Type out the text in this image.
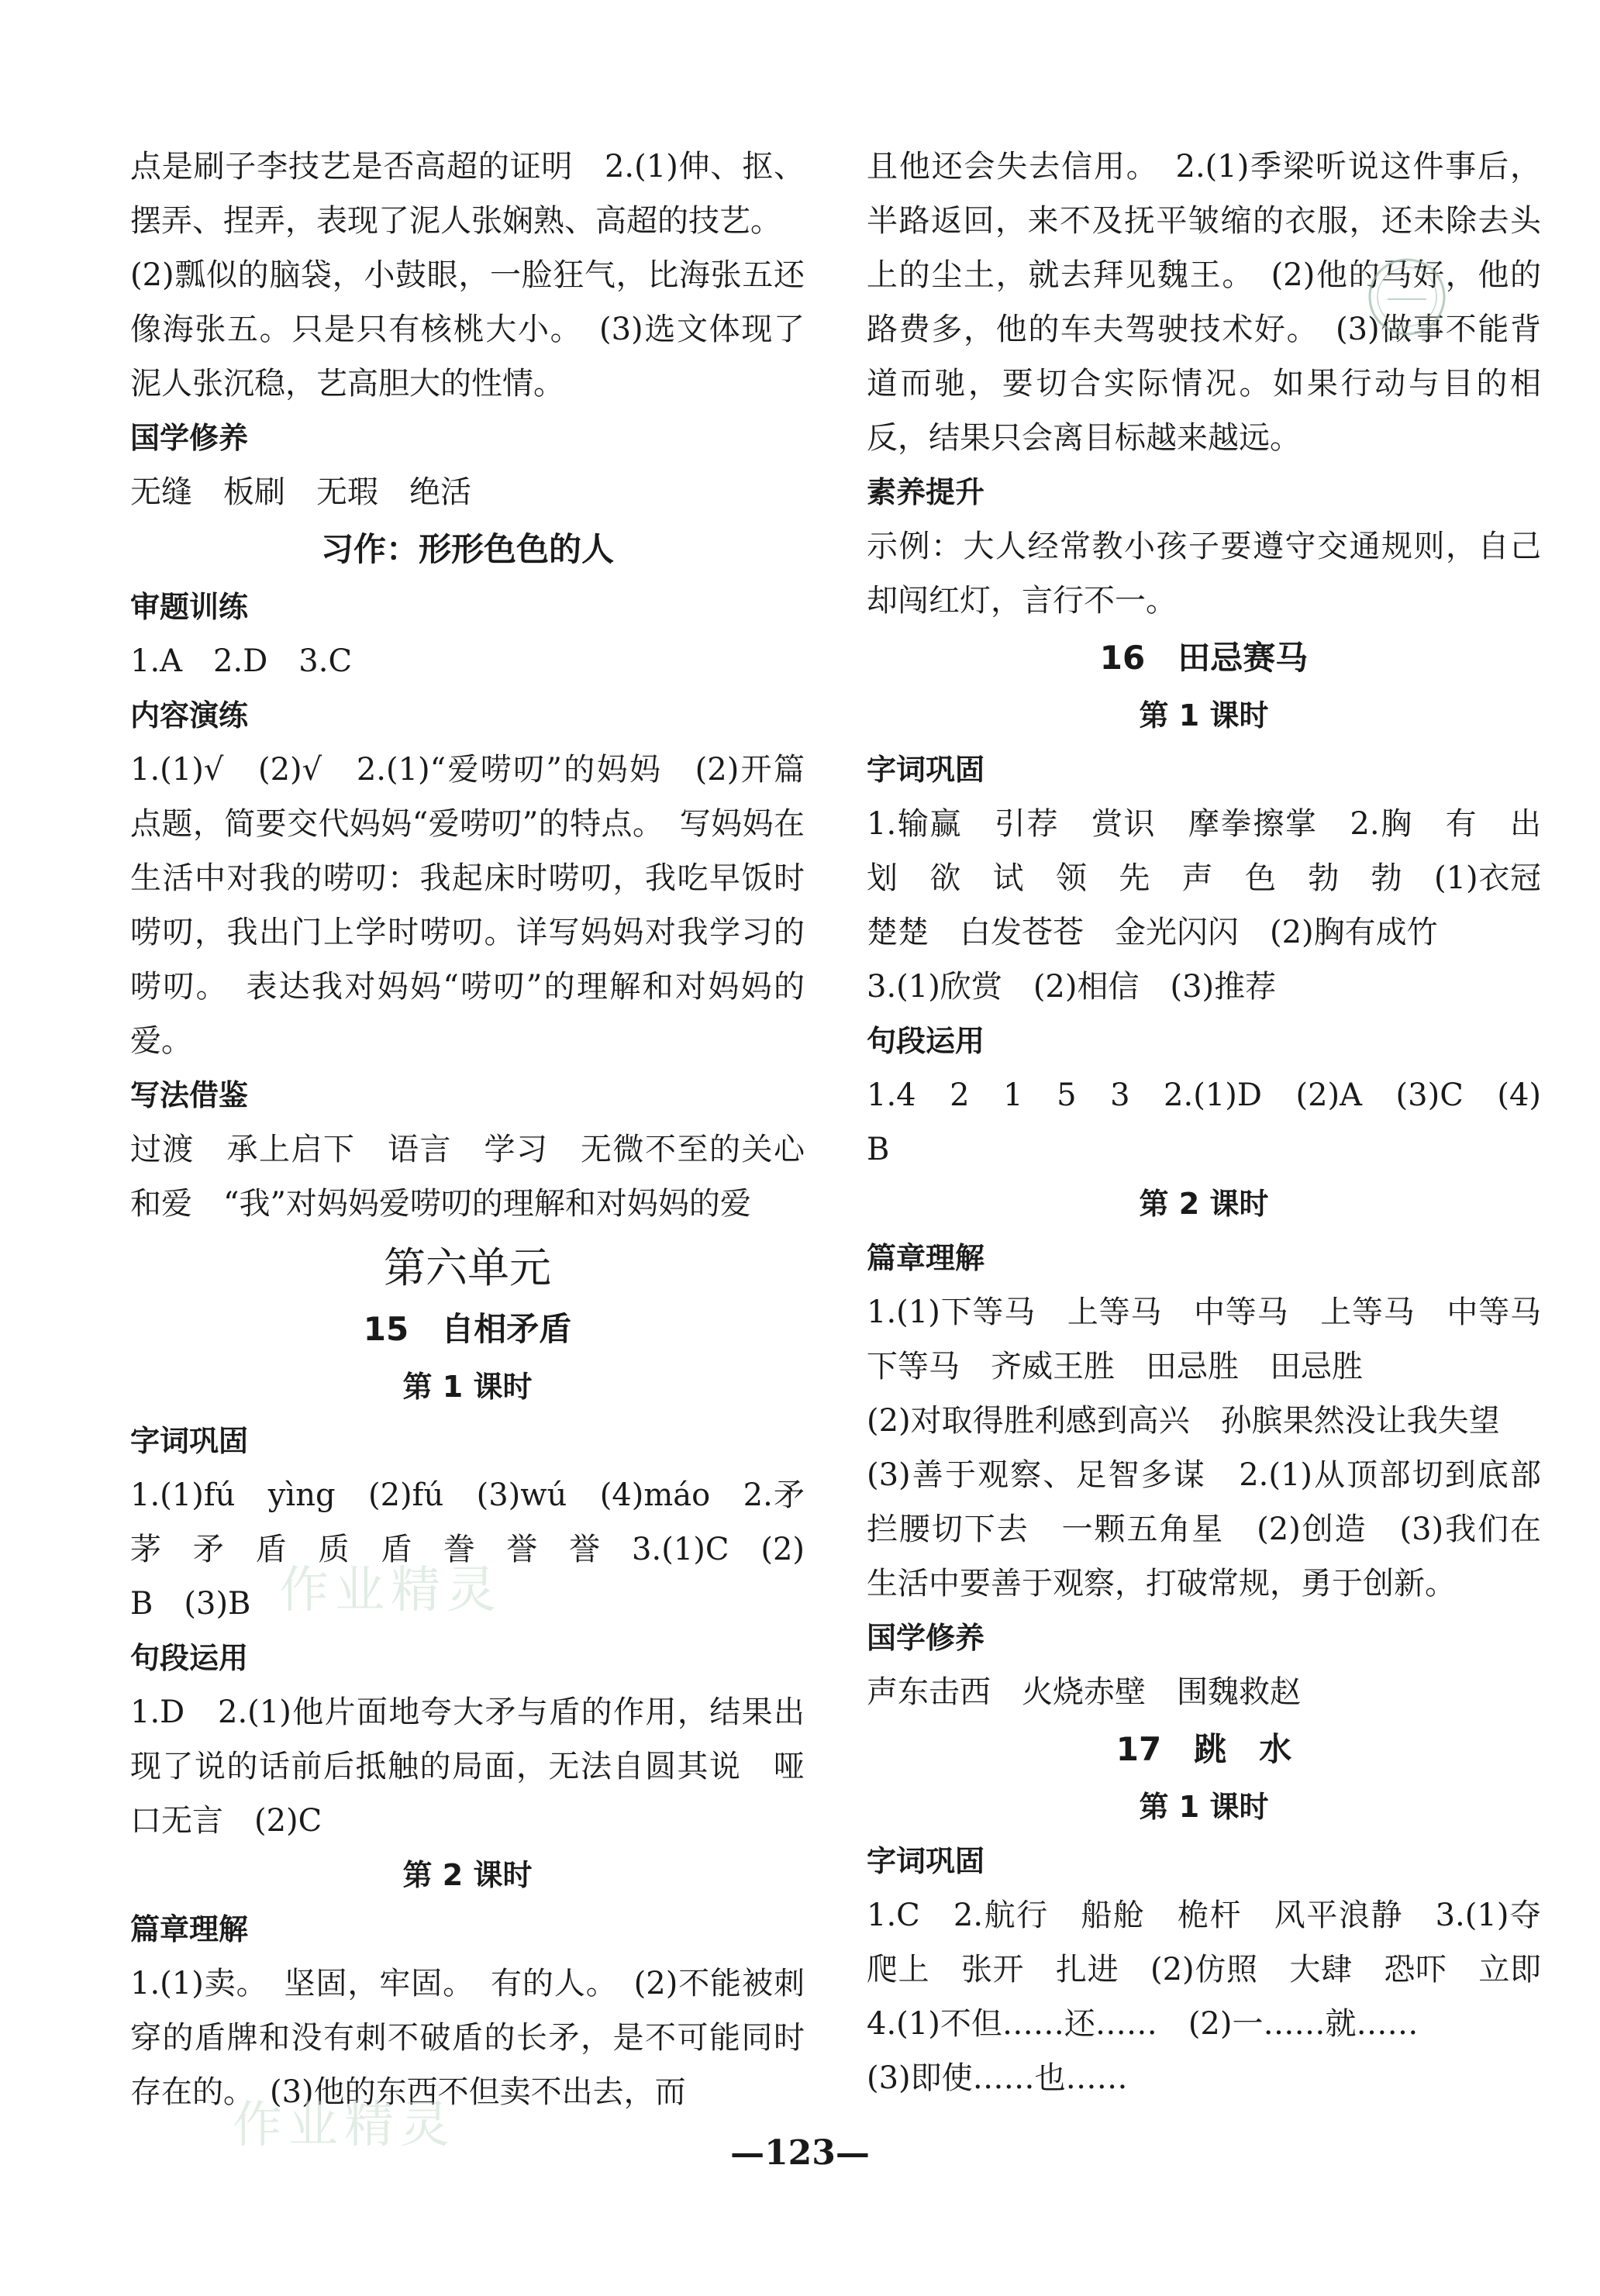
点是刷子李技艺是否高超的证明　2.(1)伸、抠、摆弄、捏弄，表现了泥人张娴熟、高超的技艺。
(2)瓢似的脑袋，小鼓眼，一脸狂气，比海张五还像海张五。只是只有核桃大小。　(3)选文体现了泥人张沉稳，艺高胆大的性情。
国学修养
无缝　板刷　无瑕　绝活
习作：形形色色的人
审题训练
1.A　2.D　3.C
内容演练
1.(1)√　(2)√　2.(1)“爱唠叨”的妈妈　(2)开篇点题，简要交代妈妈“爱唠叨”的特点。　写妈妈在生活中对我的唠叨：我起床时唠叨，我吃早饭时唠叨，我出门上学时唠叨。详写妈妈对我学习的唠叨。　表达我对妈妈“唠叨”的理解和对妈妈的爱。
写法借鉴
过渡　承上启下　语言　学习　无微不至的关心和爱　“我”对妈妈爱唠叨的理解和对妈妈的爱
第六单元
15　自相矛盾
第 1 课时
字词巩固
1.(1)fú　yìng　(2)fú　(3)wú　(4)máo　2.矛　茅　矛　盾　质　盾　誊　誉　誉　3.(1)C　(2)B　(3)B
句段运用
1.D　2.(1)他片面地夸大矛与盾的作用，结果出现了说的话前后抵触的局面，无法自圆其说　哑口无言　(2)C
第 2 课时
篇章理解
1.(1)卖。　坚固，牢固。　有的人。　(2)不能被刺穿的盾牌和没有刺不破盾的长矛，是不可能同时存在的。　(3)他的东西不但卖不出去，而
且他还会失去信用。　2.(1)季梁听说这件事后，半路返回，来不及抚平皱缩的衣服，还未除去头上的尘土，就去拜见魏王。　(2)他的马好，他的路费多，他的车夫驾驶技术好。　(3)做事不能背道而驰，要切合实际情况。如果行动与目的相反，结果只会离目标越来越远。
素养提升
示例：大人经常教小孩子要遵守交通规则，自己却闯红灯，言行不一。
16　田忌赛马
第 1 课时
字词巩固
1.输赢　引荐　赏识　摩拳擦掌　2.胸　有　出　划　欲　试　领　先　声　色　勃　勃　(1)衣冠楚楚　白发苍苍　金光闪闪　(2)胸有成竹
3.(1)欣赏　(2)相信　(3)推荐
句段运用
1.4　2　1　5　3　2.(1)D　(2)A　(3)C　(4)B
第 2 课时
篇章理解
1.(1)下等马　上等马　中等马　上等马　中等马　下等马　齐威王胜　田忌胜　田忌胜
(2)对取得胜利感到高兴　孙膑果然没让我失望
(3)善于观察、足智多谋　2.(1)从顶部切到底部　拦腰切下去　一颗五角星　(2)创造　(3)我们在生活中要善于观察，打破常规，勇于创新。
国学修养
声东击西　火烧赤壁　围魏救赵
17　跳　水
第 1 课时
字词巩固
1.C　2.航行　船舱　桅杆　风平浪静　3.(1)夺　爬上　张开　扎进　(2)仿照　大肆　恐吓　立即　4.(1)不但……还……　(2)一……就……
(3)即使……也……
—123—
作业精灵
作业精灵
